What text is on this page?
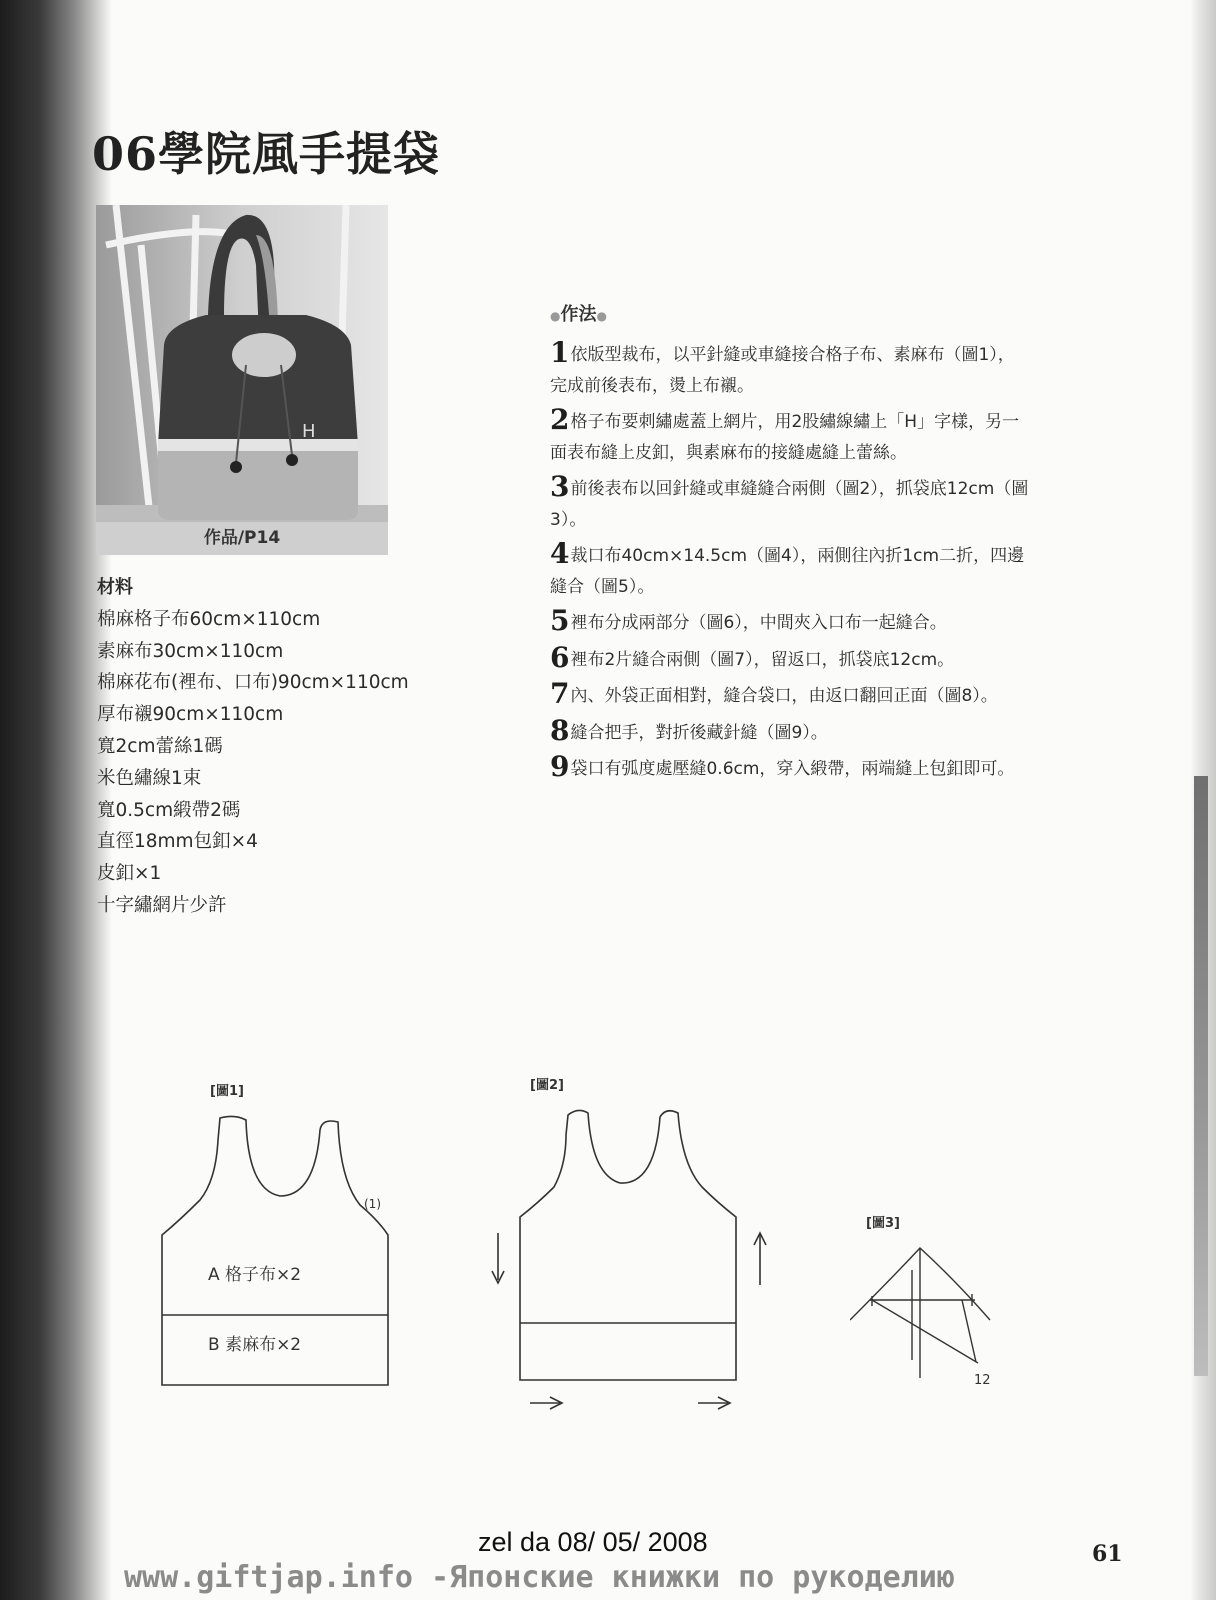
06學院風手提袋
H
作品/P14
材料
棉麻格子布60cm×110cm
素麻布30cm×110cm
棉麻花布(裡布、口布)90cm×110cm
厚布襯90cm×110cm
寬2cm蕾絲1碼
米色繡線1束
寬0.5cm緞帶2碼
直徑18mm包釦×4
皮釦×1
十字繡網片少許
●作法●
1依版型裁布，以平針縫或車縫接合格子布、素麻布（圖1），完成前後表布，燙上布襯。
2格子布要刺繡處蓋上網片，用2股繡線繡上「H」字樣，另一面表布縫上皮釦，與素麻布的接縫處縫上蕾絲。
3前後表布以回針縫或車縫縫合兩側（圖2），抓袋底12cm（圖3）。
4裁口布40cm×14.5cm（圖4），兩側往內折1cm二折，四邊縫合（圖5）。
5裡布分成兩部分（圖6），中間夾入口布一起縫合。
6裡布2片縫合兩側（圖7），留返口，抓袋底12cm。
7內、外袋正面相對，縫合袋口，由返口翻回正面（圖8）。
8縫合把手，對折後藏針縫（圖9）。
9袋口有弧度處壓縫0.6cm，穿入緞帶，兩端縫上包釦即可。
[圖1]
(1)
A 格子布×2
B 素麻布×2
[圖2]
[圖3]
12
zel da 08/ 05/ 2008	61
www.giftjap.info -Японские книжки по рукоделию
